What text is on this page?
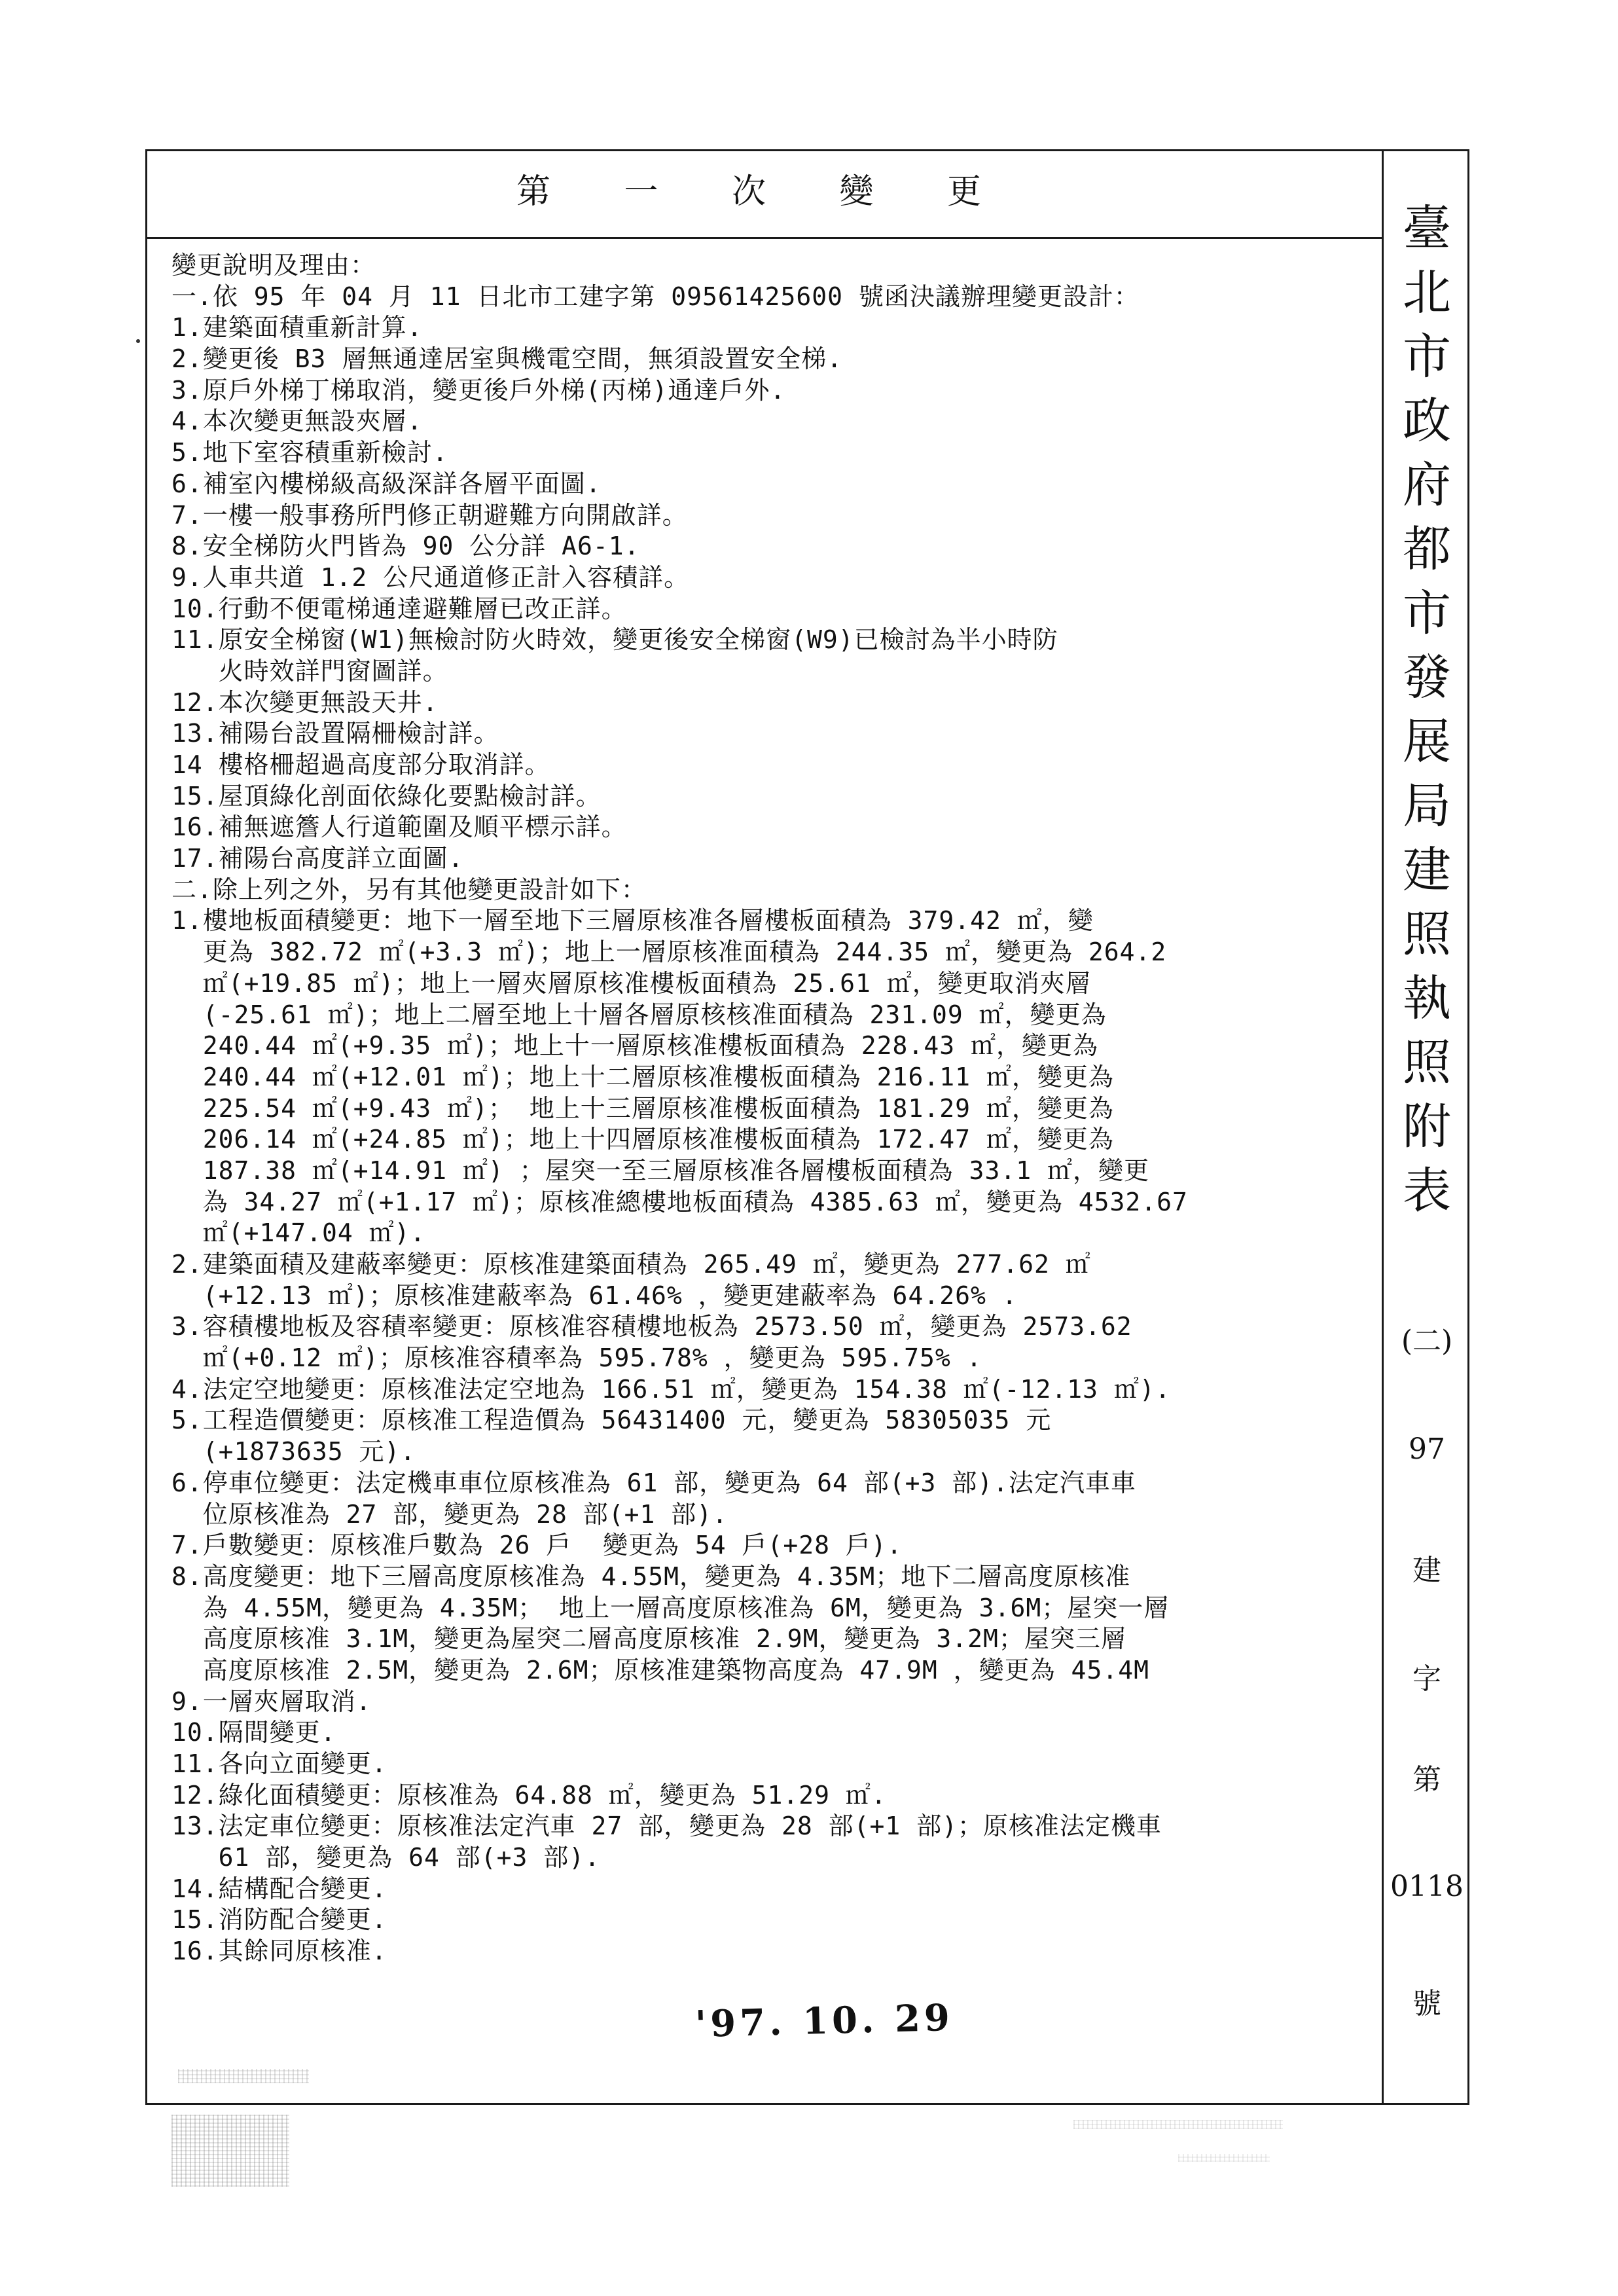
第 一 次 變 更
變更說明及理由：
一.依 95 年 04 月 11 日北市工建字第 09561425600 號函決議辦理變更設計：
1.建築面積重新計算.
2.變更後 B3 層無通達居室與機電空間，無須設置安全梯.
3.原戶外梯丁梯取消，變更後戶外梯(丙梯)通達戶外.
4.本次變更無設夾層.
5.地下室容積重新檢討.
6.補室內樓梯級高級深詳各層平面圖.
7.一樓一般事務所門修正朝避難方向開啟詳。
8.安全梯防火門皆為 90 公分詳 A6-1.
9.人車共道 1.2 公尺通道修正計入容積詳。
10.行動不便電梯通達避難層已改正詳。
11.原安全梯窗(W1)無檢討防火時效，變更後安全梯窗(W9)已檢討為半小時防
火時效詳門窗圖詳。
12.本次變更無設天井.
13.補陽台設置隔柵檢討詳。
14 樓格柵超過高度部分取消詳。
15.屋頂綠化剖面依綠化要點檢討詳。
16.補無遮簷人行道範圍及順平標示詳。
17.補陽台高度詳立面圖.
二.除上列之外，另有其他變更設計如下：
1.樓地板面積變更：地下一層至地下三層原核准各層樓板面積為 379.42 ㎡，變
更為 382.72 ㎡(+3.3 ㎡)；地上一層原核准面積為 244.35 ㎡，變更為 264.2
㎡(+19.85 ㎡)；地上一層夾層原核准樓板面積為 25.61 ㎡，變更取消夾層
(-25.61 ㎡)；地上二層至地上十層各層原核核准面積為 231.09 ㎡，變更為
240.44 ㎡(+9.35 ㎡)；地上十一層原核准樓板面積為 228.43 ㎡，變更為
240.44 ㎡(+12.01 ㎡)；地上十二層原核准樓板面積為 216.11 ㎡，變更為
225.54 ㎡(+9.43 ㎡)； 地上十三層原核准樓板面積為 181.29 ㎡，變更為
206.14 ㎡(+24.85 ㎡)；地上十四層原核准樓板面積為 172.47 ㎡，變更為
187.38 ㎡(+14.91 ㎡) ；屋突一至三層原核准各層樓板面積為 33.1 ㎡，變更
為 34.27 ㎡(+1.17 ㎡)；原核准總樓地板面積為 4385.63 ㎡，變更為 4532.67
㎡(+147.04 ㎡).
2.建築面積及建蔽率變更：原核准建築面積為 265.49 ㎡，變更為 277.62 ㎡
(+12.13 ㎡)；原核准建蔽率為 61.46% ，變更建蔽率為 64.26% .
3.容積樓地板及容積率變更：原核准容積樓地板為 2573.50 ㎡，變更為 2573.62
㎡(+0.12 ㎡)；原核准容積率為 595.78% ，變更為 595.75% .
4.法定空地變更：原核准法定空地為 166.51 ㎡，變更為 154.38 ㎡(-12.13 ㎡).
5.工程造價變更：原核准工程造價為 56431400 元，變更為 58305035 元
(+1873635 元).
6.停車位變更：法定機車車位原核准為 61 部，變更為 64 部(+3 部).法定汽車車
位原核准為 27 部，變更為 28 部(+1 部).
7.戶數變更：原核准戶數為 26 戶  變更為 54 戶(+28 戶).
8.高度變更：地下三層高度原核准為 4.55M，變更為 4.35M；地下二層高度原核准
為 4.55M，變更為 4.35M； 地上一層高度原核准為 6M，變更為 3.6M；屋突一層
高度原核准 3.1M，變更為屋突二層高度原核准 2.9M，變更為 3.2M；屋突三層
高度原核准 2.5M，變更為 2.6M；原核准建築物高度為 47.9M ，變更為 45.4M
9.一層夾層取消.
10.隔間變更.
11.各向立面變更.
12.綠化面積變更：原核准為 64.88 ㎡，變更為 51.29 ㎡.
13.法定車位變更：原核准法定汽車 27 部，變更為 28 部(+1 部)；原核准法定機車
61 部，變更為 64 部(+3 部).
14.結構配合變更.
15.消防配合變更.
16.其餘同原核准.
臺
北
市
政
府
都
市
發
展
局
建
照
執
照
附
表
(二)
97
建
字
第
0118
號
'97. 10. 29
